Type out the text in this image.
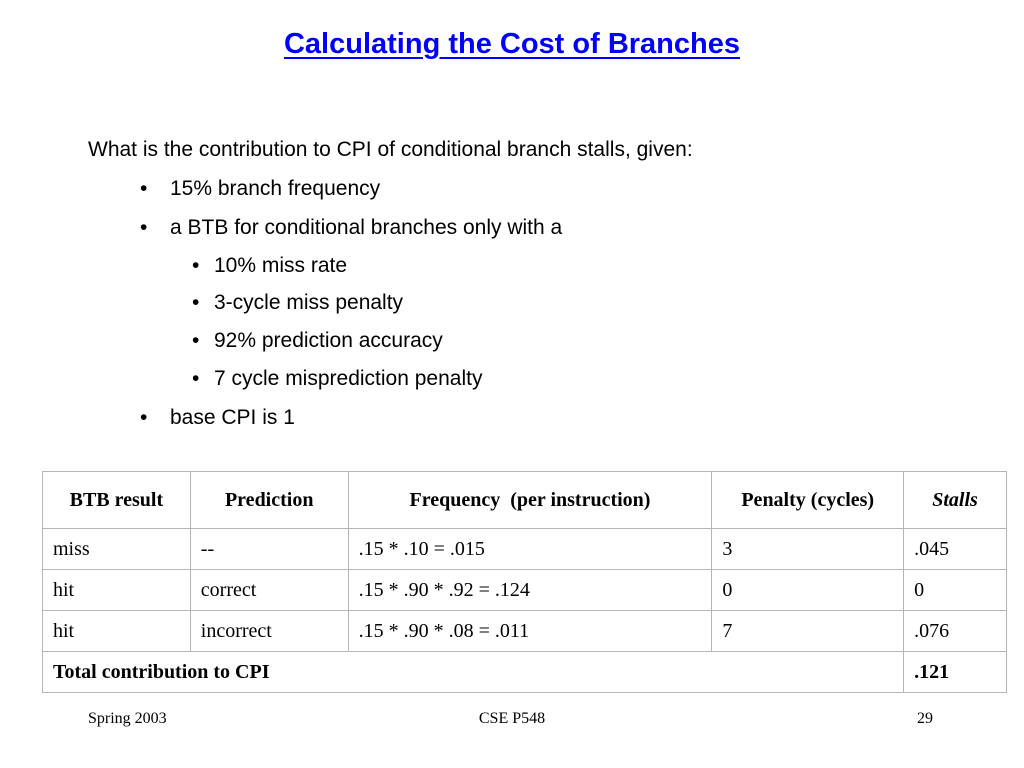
Calculating the Cost of Branches
What is the contribution to CPI of conditional branch stalls, given:
• 15% branch frequency
• a BTB for conditional branches only with a
• 10% miss rate
• 3-cycle miss penalty
• 92% prediction accuracy
• 7 cycle misprediction penalty
• base CPI is 1
BTB result	Prediction	Frequency  (per instruction)	Penalty (cycles)	Stalls
miss	--	.15 * .10 = .015	3	.045
hit	correct	.15 * .90 * .92 = .124	0	0
hit	incorrect	.15 * .90 * .08 = .011	7	.076
Total contribution to CPI				.121
Spring 2003	CSE P548	29
